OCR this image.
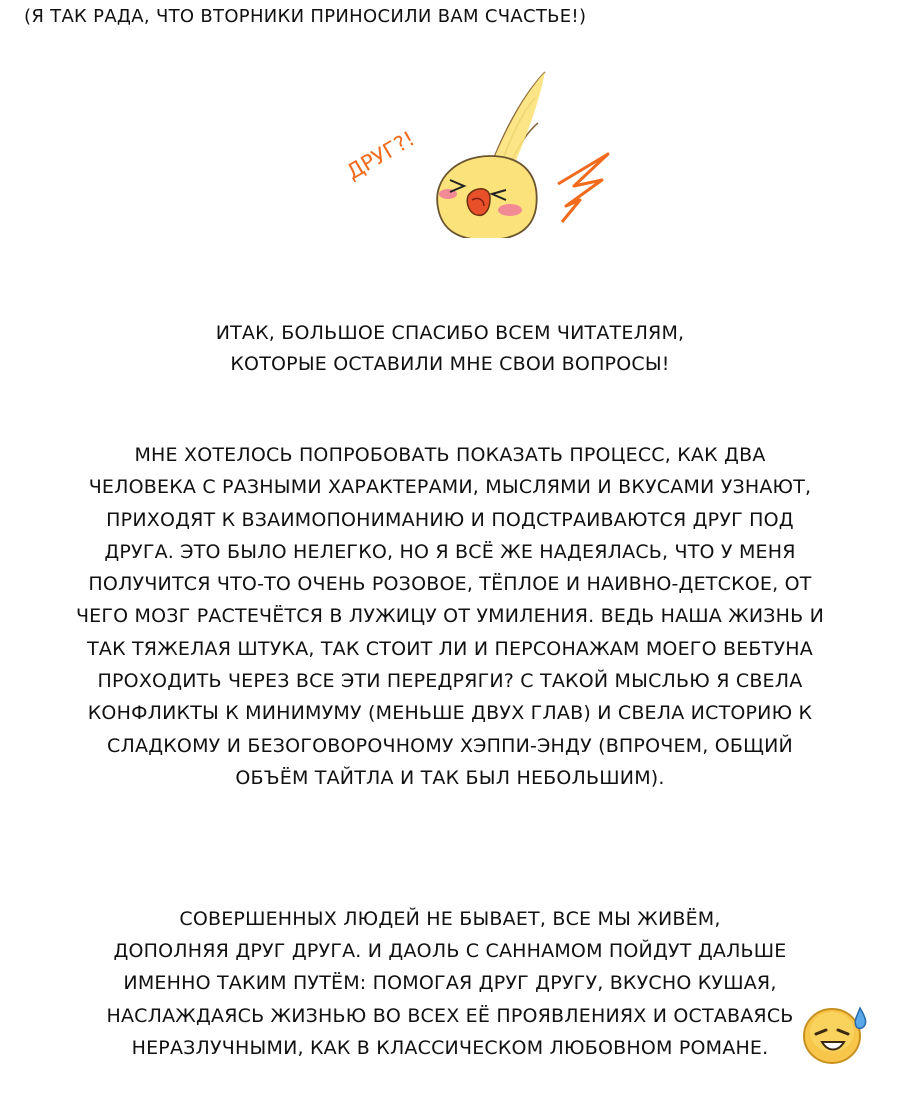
(Я ТАК РАДА, ЧТО ВТОРНИКИ ПРИНОСИЛИ ВАМ СЧАСТЬЕ!)
ДРУГ?!
ИТАК, БОЛЬШОЕ СПАСИБО ВСЕМ ЧИТАТЕЛЯМ,
КОТОРЫЕ ОСТАВИЛИ МНЕ СВОИ ВОПРОСЫ!
МНЕ ХОТЕЛОСЬ ПОПРОБОВАТЬ ПОКАЗАТЬ ПРОЦЕСС, КАК ДВА
ЧЕЛОВЕКА С РАЗНЫМИ ХАРАКТЕРАМИ, МЫСЛЯМИ И ВКУСАМИ УЗНАЮТ,
ПРИХОДЯТ К ВЗАИМОПОНИМАНИЮ И ПОДСТРАИВАЮТСЯ ДРУГ ПОД
ДРУГА. ЭТО БЫЛО НЕЛЕГКО, НО Я ВСЁ ЖЕ НАДЕЯЛАСЬ, ЧТО У МЕНЯ
ПОЛУЧИТСЯ ЧТО-ТО ОЧЕНЬ РОЗОВОЕ, ТЁПЛОЕ И НАИВНО-ДЕТСКОЕ, ОТ
ЧЕГО МОЗГ РАСТЕЧЁТСЯ В ЛУЖИЦУ ОТ УМИЛЕНИЯ. ВЕДЬ НАША ЖИЗНЬ И
ТАК ТЯЖЕЛАЯ ШТУКА, ТАК СТОИТ ЛИ И ПЕРСОНАЖАМ МОЕГО ВЕБТУНА
ПРОХОДИТЬ ЧЕРЕЗ ВСЕ ЭТИ ПЕРЕДРЯГИ? С ТАКОЙ МЫСЛЬЮ Я СВЕЛА
КОНФЛИКТЫ К МИНИМУМУ (МЕНЬШЕ ДВУХ ГЛАВ) И СВЕЛА ИСТОРИЮ К
СЛАДКОМУ И БЕЗОГОВОРОЧНОМУ ХЭППИ-ЭНДУ (ВПРОЧЕМ, ОБЩИЙ
ОБЪЁМ ТАЙТЛА И ТАК БЫЛ НЕБОЛЬШИМ).
СОВЕРШЕННЫХ ЛЮДЕЙ НЕ БЫВАЕТ, ВСЕ МЫ ЖИВЁМ,
ДОПОЛНЯЯ ДРУГ ДРУГА. И ДАОЛЬ С САННАМОМ ПОЙДУТ ДАЛЬШЕ
ИМЕННО ТАКИМ ПУТЁМ: ПОМОГАЯ ДРУГ ДРУГУ, ВКУСНО КУШАЯ,
НАСЛАЖДАЯСЬ ЖИЗНЬЮ ВО ВСЕХ ЕЁ ПРОЯВЛЕНИЯХ И ОСТАВАЯСЬ
НЕРАЗЛУЧНЫМИ, КАК В КЛАССИЧЕСКОМ ЛЮБОВНОМ РОМАНЕ.
